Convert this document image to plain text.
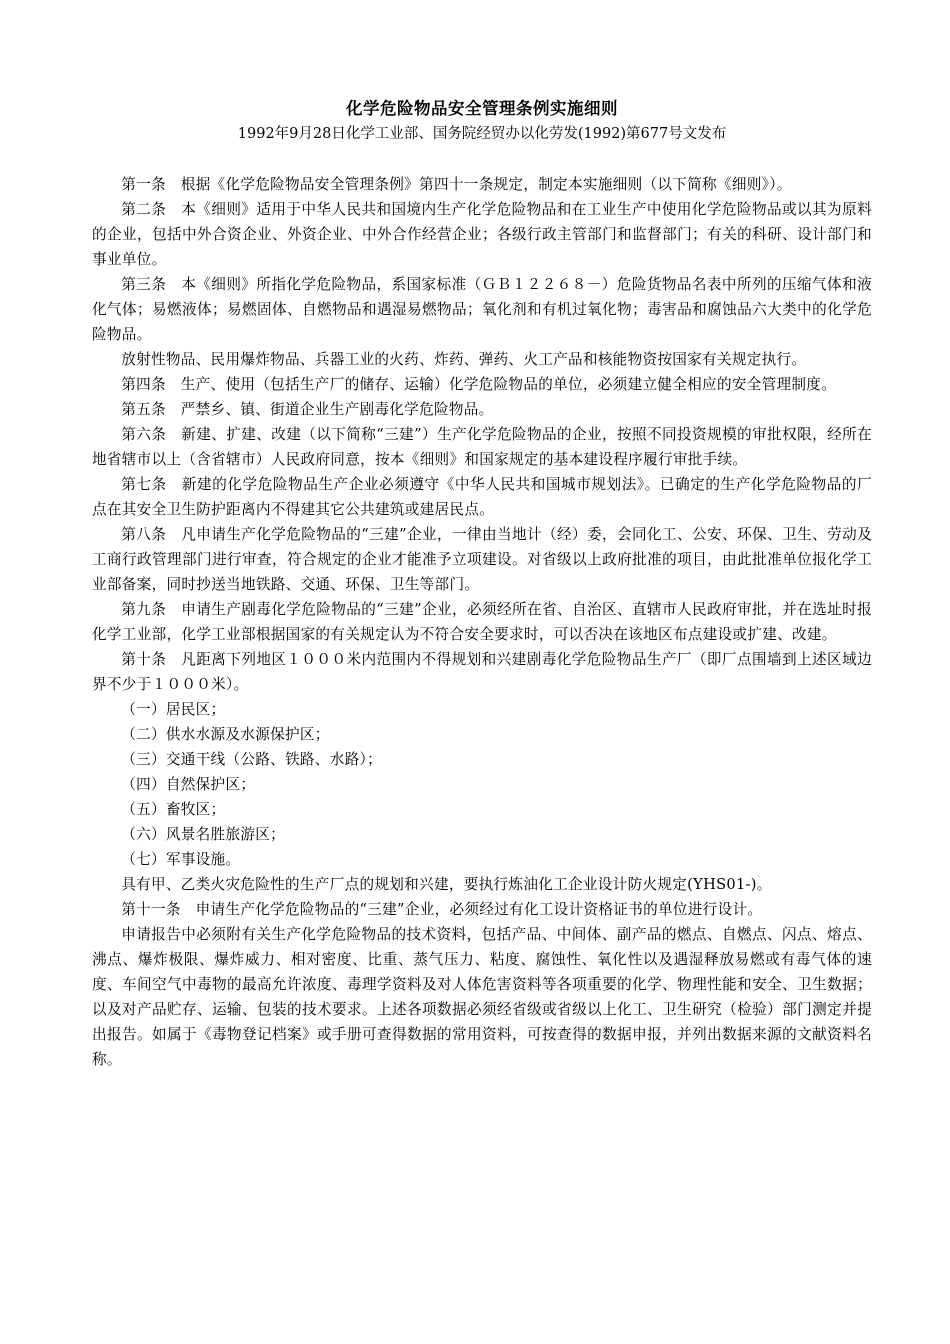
化学危险物品安全管理条例实施细则
1992年9月28日化学工业部、国务院经贸办以化劳发(1992)第677号文发布

第一条　根据《化学危险物品安全管理条例》第四十一条规定，制定本实施细则（以下简称《细则》）。

第二条　本《细则》适用于中华人民共和国境内生产化学危险物品和在工业生产中使用化学危险物品或以其为原料的企业，包括中外合资企业、外资企业、中外合作经营企业；各级行政主管部门和监督部门；有关的科研、设计部门和事业单位。

第三条　本《细则》所指化学危险物品，系国家标准（ＧＢ１２２６８－）危险货物品名表中所列的压缩气体和液化气体；易燃液体；易燃固体、自燃物品和遇湿易燃物品；氧化剂和有机过氧化物；毒害品和腐蚀品六大类中的化学危险物品。

放射性物品、民用爆炸物品、兵器工业的火药、炸药、弹药、火工产品和核能物资按国家有关规定执行。

第四条　生产、使用（包括生产厂的储存、运输）化学危险物品的单位，必须建立健全相应的安全管理制度。

第五条　严禁乡、镇、街道企业生产剧毒化学危险物品。

第六条　新建、扩建、改建（以下简称“三建”）生产化学危险物品的企业，按照不同投资规模的审批权限，经所在地省辖市以上（含省辖市）人民政府同意，按本《细则》和国家规定的基本建设程序履行审批手续。

第七条　新建的化学危险物品生产企业必须遵守《中华人民共和国城市规划法》。已确定的生产化学危险物品的厂点在其安全卫生防护距离内不得建其它公共建筑或建居民点。

第八条　凡申请生产化学危险物品的“三建”企业，一律由当地计（经）委，会同化工、公安、环保、卫生、劳动及工商行政管理部门进行审查，符合规定的企业才能准予立项建设。对省级以上政府批准的项目，由此批准单位报化学工业部备案，同时抄送当地铁路、交通、环保、卫生等部门。

第九条　申请生产剧毒化学危险物品的“三建”企业，必须经所在省、自治区、直辖市人民政府审批，并在选址时报化学工业部，化学工业部根据国家的有关规定认为不符合安全要求时，可以否决在该地区布点建设或扩建、改建。

第十条　凡距离下列地区１０００米内范围内不得规划和兴建剧毒化学危险物品生产厂（即厂点围墙到上述区域边界不少于１０００米）。

（一）居民区；

（二）供水水源及水源保护区；

（三）交通干线（公路、铁路、水路）；

（四）自然保护区；

（五）畜牧区；

（六）风景名胜旅游区；

（七）军事设施。

具有甲、乙类火灾危险性的生产厂点的规划和兴建，要执行炼油化工企业设计防火规定(YHS01-)。

第十一条　申请生产化学危险物品的“三建”企业，必须经过有化工设计资格证书的单位进行设计。

申请报告中必须附有关生产化学危险物品的技术资料，包括产品、中间体、副产品的燃点、自燃点、闪点、熔点、沸点、爆炸极限、爆炸威力、相对密度、比重、蒸气压力、粘度、腐蚀性、氧化性以及遇湿释放易燃或有毒气体的速度、车间空气中毒物的最高允许浓度、毒理学资料及对人体危害资料等各项重要的化学、物理性能和安全、卫生数据；以及对产品贮存、运输、包装的技术要求。上述各项数据必须经省级或省级以上化工、卫生研究（检验）部门测定并提出报告。如属于《毒物登记档案》或手册可查得数据的常用资料，可按查得的数据申报，并列出数据来源的文献资料名称。
